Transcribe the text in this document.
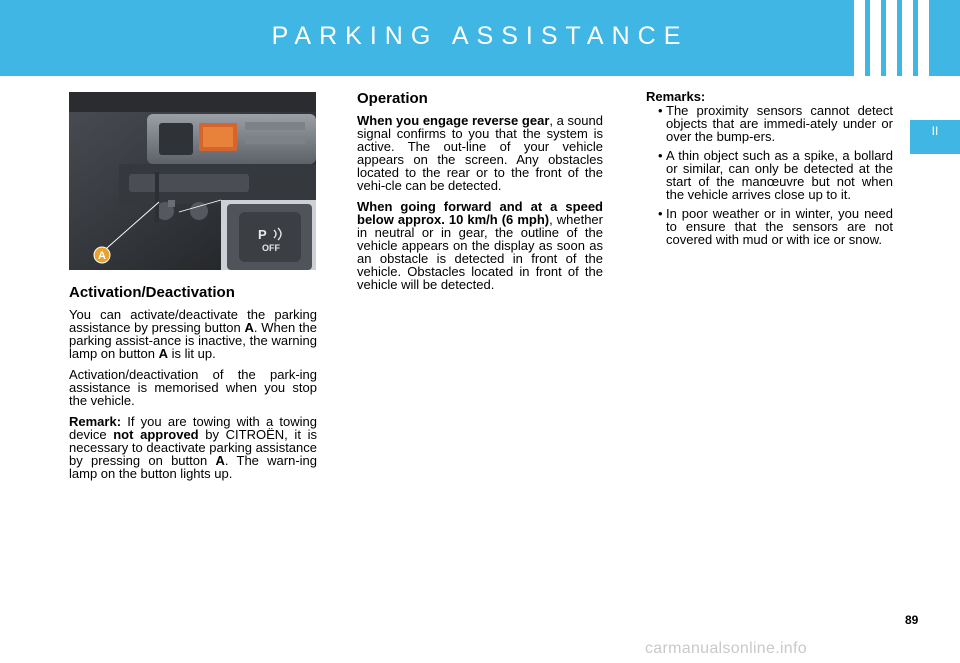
PARKING ASSISTANCE
II
OFF
P
A
Activation/Deactivation

You can activate/deactivate the parking assistance by pressing button A. When the parking assist-ance is inactive, the warning lamp on button A is lit up.

Activation/deactivation of the park-ing assistance is memorised when you stop the vehicle.

Remark: If you are towing with a towing device not approved by CITROËN, it is necessary to deactivate parking assistance by pressing on button A. The warn-ing lamp on the button lights up.

Operation

When you engage reverse gear, a sound signal confirms to you that the system is active. The out-line of your vehicle appears on the screen. Any obstacles located to the rear or to the front of the vehi-cle can be detected.

When going forward and at a speed below approx. 10 km/h (6 mph), whether in neutral or in gear, the outline of the vehicle appears on the display as soon as an obstacle is detected in front of the vehicle. Obstacles located in front of the vehicle will be detected.

Remarks:
• The proximity sensors cannot detect objects that are immedi-ately under or over the bump-ers.
• A thin object such as a spike, a bollard or similar, can only be detected at the start of the manœuvre but not when the vehicle arrives close up to it.
• In poor weather or in winter, you need to ensure that the sensors are not covered with mud or with ice or snow.
89
carmanualsonline.info
